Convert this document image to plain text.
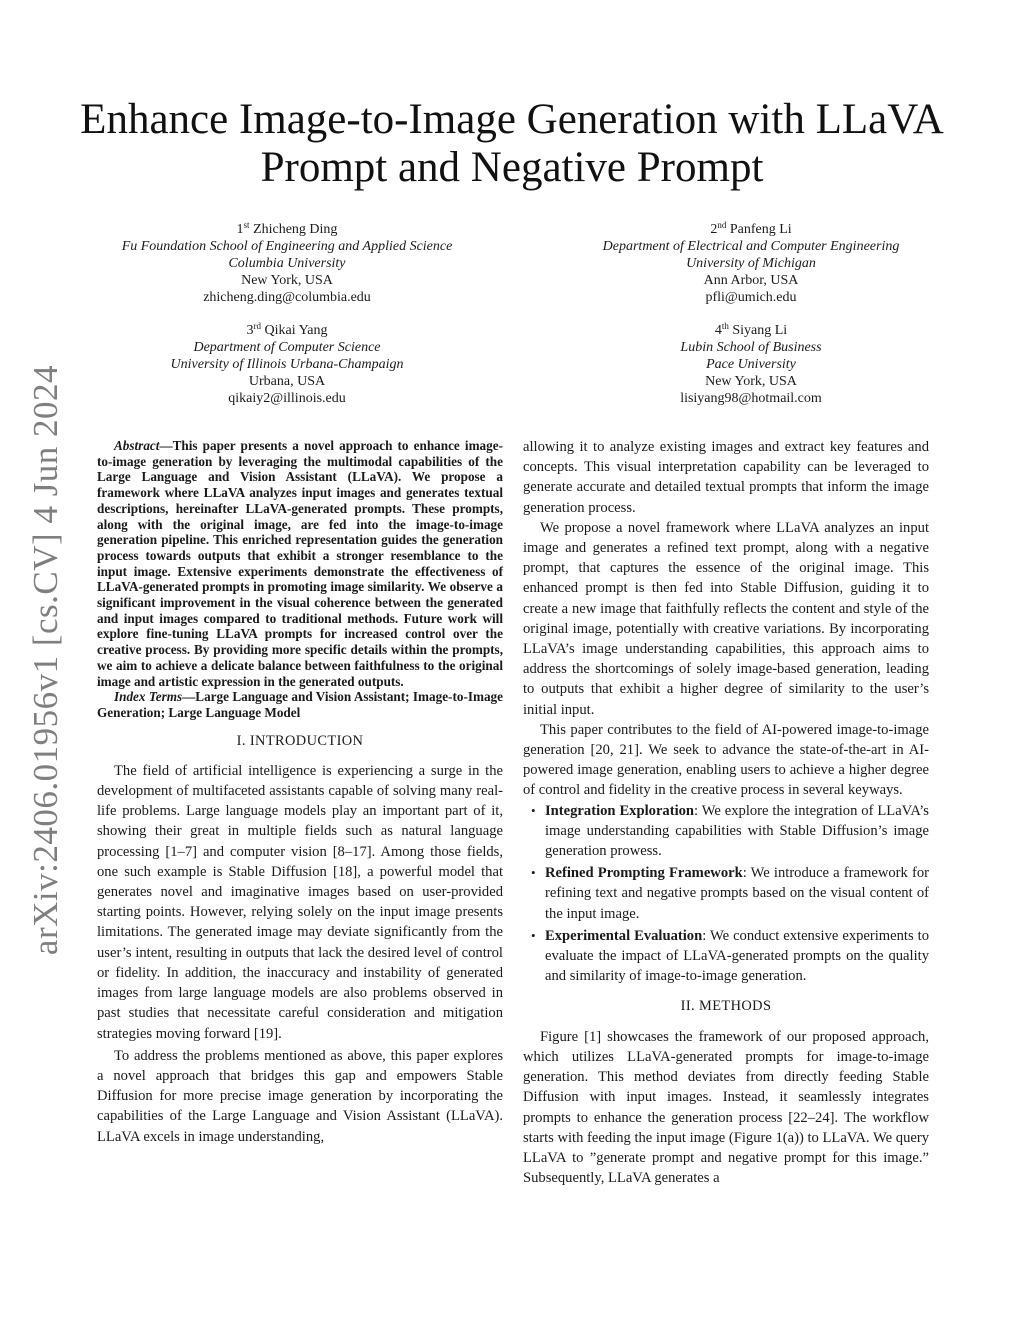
arXiv:2406.01956v1 [cs.CV] 4 Jun 2024
Enhance Image-to-Image Generation with LLaVA
Prompt and Negative Prompt
1st Zhicheng Ding
Fu Foundation School of Engineering and Applied Science
Columbia University
New York, USA
zhicheng.ding@columbia.edu
2nd Panfeng Li
Department of Electrical and Computer Engineering
University of Michigan
Ann Arbor, USA
pfli@umich.edu
3rd Qikai Yang
Department of Computer Science
University of Illinois Urbana-Champaign
Urbana, USA
qikaiy2@illinois.edu
4th Siyang Li
Lubin School of Business
Pace University
New York, USA
lisiyang98@hotmail.com

Abstract—This paper presents a novel approach to enhance image-to-image generation by leveraging the multimodal capabilities of the Large Language and Vision Assistant (LLaVA). We propose a framework where LLaVA analyzes input images and generates textual descriptions, hereinafter LLaVA-generated prompts. These prompts, along with the original image, are fed into the image-to-image generation pipeline. This enriched representation guides the generation process towards outputs that exhibit a stronger resemblance to the input image. Extensive experiments demonstrate the effectiveness of LLaVA-generated prompts in promoting image similarity. We observe a significant improvement in the visual coherence between the generated and input images compared to traditional methods. Future work will explore fine-tuning LLaVA prompts for increased control over the creative process. By providing more specific details within the prompts, we aim to achieve a delicate balance between faithfulness to the original image and artistic expression in the generated outputs.

Index Terms—Large Language and Vision Assistant; Image-to-Image Generation; Large Language Model

I. INTRODUCTION

The field of artificial intelligence is experiencing a surge in the development of multifaceted assistants capable of solving many real-life problems. Large language models play an important part of it, showing their great in multiple fields such as natural language processing [1–7] and computer vision [8–17]. Among those fields, one such example is Stable Diffusion [18], a powerful model that generates novel and imaginative images based on user-provided starting points. However, relying solely on the input image presents limitations. The generated image may deviate significantly from the user’s intent, resulting in outputs that lack the desired level of control or fidelity. In addition, the inaccuracy and instability of generated images from large language models are also problems observed in past studies that necessitate careful consideration and mitigation strategies moving forward [19].

To address the problems mentioned as above, this paper explores a novel approach that bridges this gap and empowers Stable Diffusion for more precise image generation by incorporating the capabilities of the Large Language and Vision Assistant (LLaVA). LLaVA excels in image understanding,

allowing it to analyze existing images and extract key features and concepts. This visual interpretation capability can be leveraged to generate accurate and detailed textual prompts that inform the image generation process.

We propose a novel framework where LLaVA analyzes an input image and generates a refined text prompt, along with a negative prompt, that captures the essence of the original image. This enhanced prompt is then fed into Stable Diffusion, guiding it to create a new image that faithfully reflects the content and style of the original image, potentially with creative variations. By incorporating LLaVA’s image understanding capabilities, this approach aims to address the shortcomings of solely image-based generation, leading to outputs that exhibit a higher degree of similarity to the user’s initial input.

This paper contributes to the field of AI-powered image-to-image generation [20, 21]. We seek to advance the state-of-the-art in AI-powered image generation, enabling users to achieve a higher degree of control and fidelity in the creative process in several keyways.

• Integration Exploration: We explore the integration of LLaVA’s image understanding capabilities with Stable Diffusion’s image generation prowess.
• Refined Prompting Framework: We introduce a framework for refining text and negative prompts based on the visual content of the input image.
• Experimental Evaluation: We conduct extensive experiments to evaluate the impact of LLaVA-generated prompts on the quality and similarity of image-to-image generation.
II. METHODS

Figure [1] showcases the framework of our proposed approach, which utilizes LLaVA-generated prompts for image-to-image generation. This method deviates from directly feeding Stable Diffusion with input images. Instead, it seamlessly integrates prompts to enhance the generation process [22–24]. The workflow starts with feeding the input image (Figure 1(a)) to LLaVA. We query LLaVA to ”generate prompt and negative prompt for this image.” Subsequently, LLaVA generates a
